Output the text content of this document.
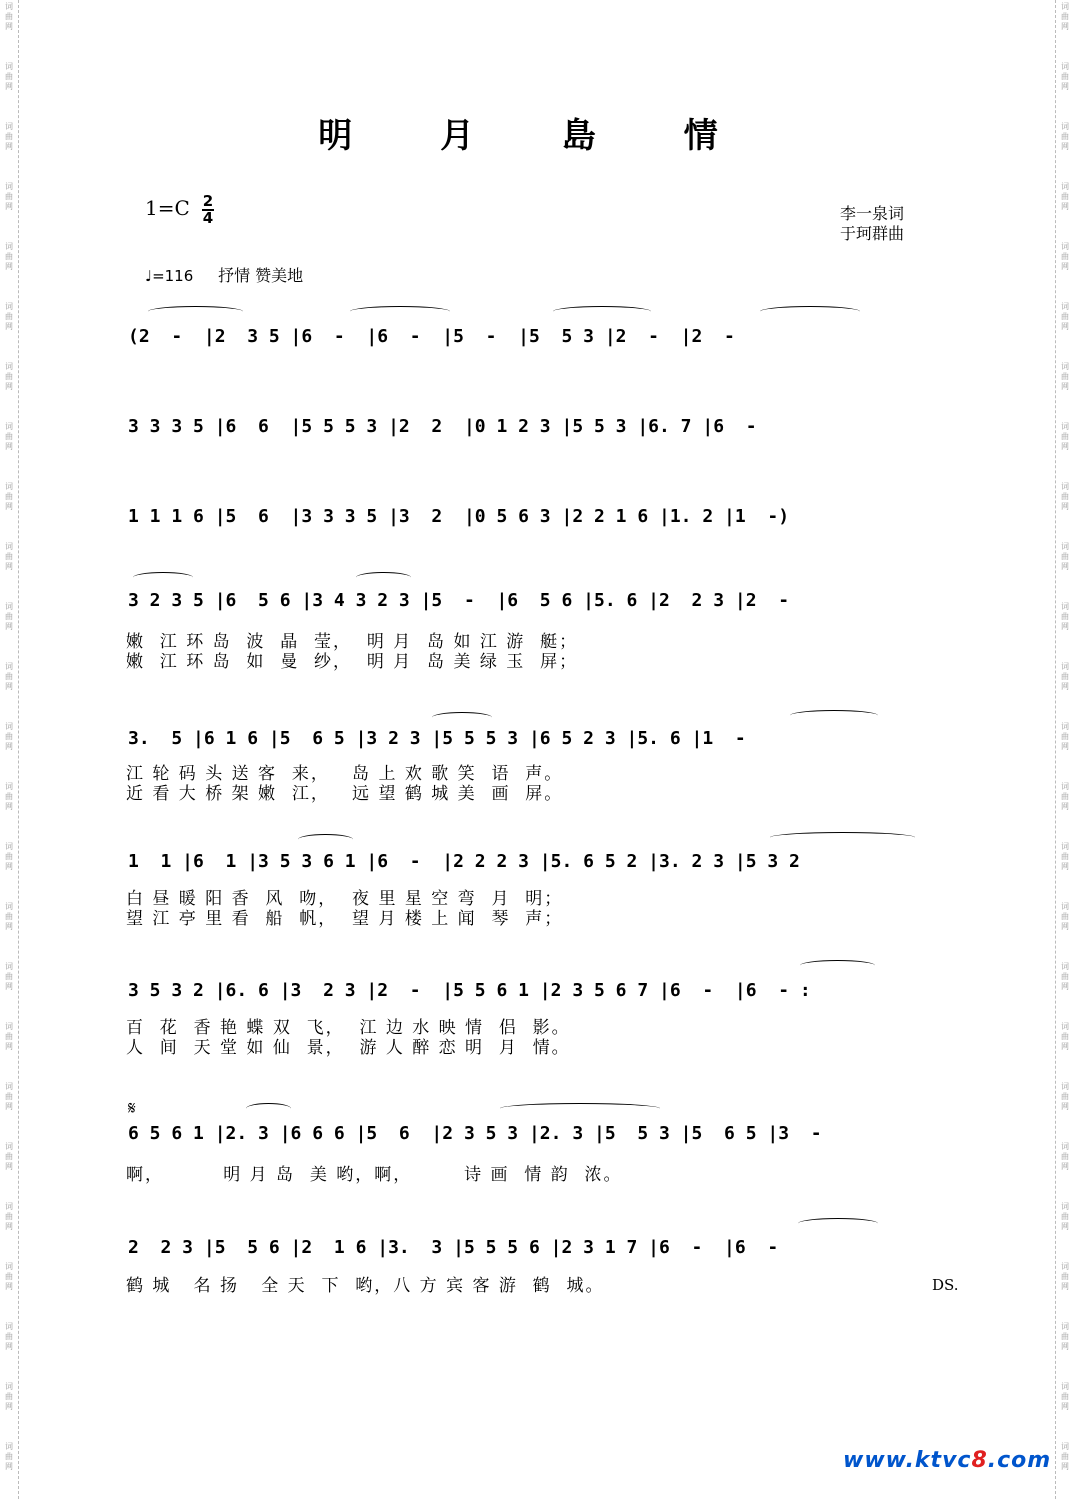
词
曲
网
词
曲
网
词
曲
网
词
曲
网
词
曲
网
词
曲
网
词
曲
网
词
曲
网
词
曲
网
词
曲
网
词
曲
网
词
曲
网
词
曲
网
词
曲
网
词
曲
网
词
曲
网
词
曲
网
词
曲
网
词
曲
网
词
曲
网
词
曲
网
词
曲
网
词
曲
网
词
曲
网
词
曲
网
词
曲
网
词
曲
网
词
曲
网
词
曲
网
词
曲
网
词
曲
网
词
曲
网
词
曲
网
词
曲
网
词
曲
网
词
曲
网
词
曲
网
词
曲
网
词
曲
网
词
曲
网
词
曲
网
词
曲
网
词
曲
网
词
曲
网
词
曲
网
词
曲
网
词
曲
网
词
曲
网
词
曲
网
词
曲
网
明 月 島 情
1=C 2
4	李一泉词
于珂群曲
♩=116 抒情 赞美地
(2  -  |2  3 5 |6  -  |6  -  |5  -  |5  5 3 |2  -  |2  -
3 3 3 5 |6  6  |5 5 5 3 |2  2  |0 1 2 3 |5 5 3 |6. 7 |6  -
1 1 1 6 |5  6  |3 3 3 5 |3  2  |0 5 6 3 |2 2 1 6 |1. 2 |1  -)
3 2 3 5 |6  5 6 |3 4 3 2 3 |5  -  |6  5 6 |5. 6 |2  2 3 |2  -
嫩  江 环 岛  波  晶  莹，  明 月  岛 如 江 游  艇；
嫩  江 环 岛  如  曼  纱，  明 月  岛 美 绿 玉  屏；
3.  5 |6 1 6 |5  6 5 |3 2 3 |5 5 5 3 |6 5 2 3 |5. 6 |1  -
江 轮 码 头 送 客  来，   岛 上 欢 歌 笑  语  声。
近 看 大 桥 架 嫩  江，   远 望 鹤 城 美  画  屏。
1  1 |6  1 |3 5 3 6 1 |6  -  |2 2 2 3 |5. 6 5 2 |3. 2 3 |5 3 2
白 昼 暖 阳 香  风  吻，  夜 里 星 空 弯  月  明；
望 江 亭 里 看  船  帆，  望 月 楼 上 闻  琴  声；
3 5 3 2 |6. 6 |3  2 3 |2  -  |5 5 6 1 |2 3 5 6 7 |6  -  |6  - :
百  花  香 艳 蝶 双  飞，  江 边 水 映 情  侣  影。
人  间  天 堂 如 仙  景，  游 人 醉 恋 明  月  情。
𝄋
6 5 6 1 |2. 3 |6 6 6 |5  6  |2 3 5 3 |2. 3 |5  5 3 |5  6 5 |3  -
啊，        明 月 岛  美 哟，啊，       诗 画  情 韵  浓。
2  2 3 |5  5 6 |2  1 6 |3.  3 |5 5 5 6 |2 3 1 7 |6  -  |6  -
鹤 城   名 扬   全 天  下  哟，八 方 宾 客 游  鹤  城。	DS.
www.ktvc8.com
